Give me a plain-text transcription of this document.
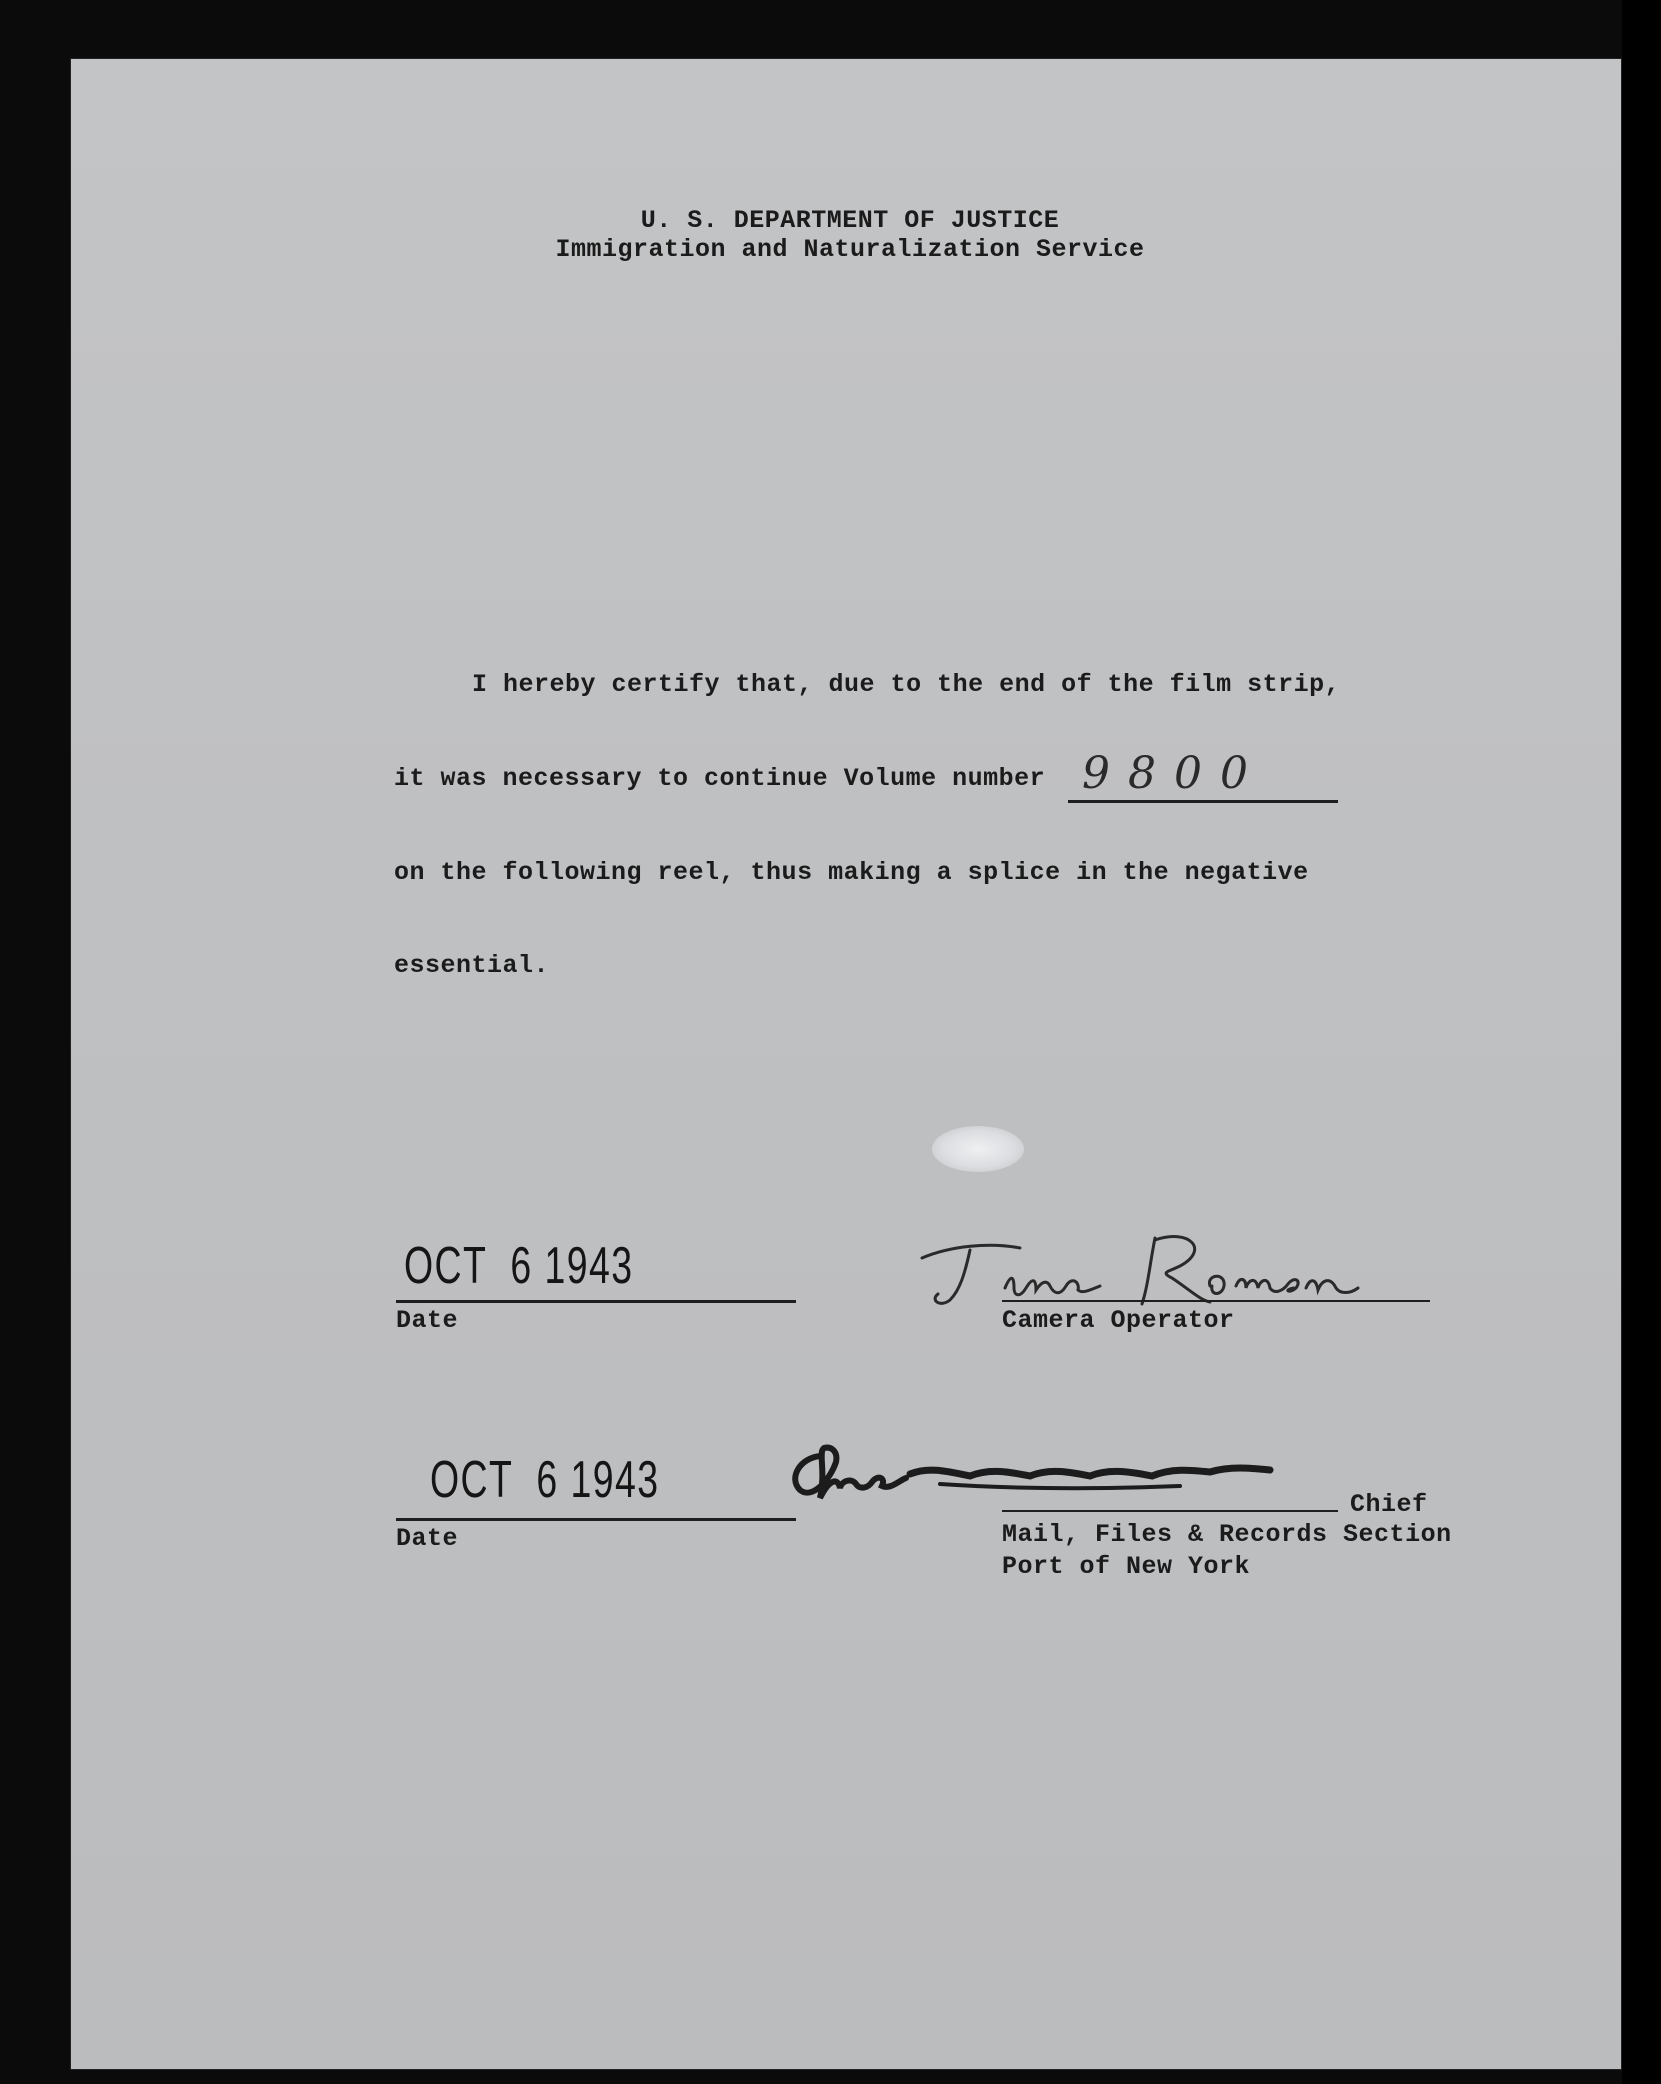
U. S. DEPARTMENT OF JUSTICE
Immigration and Naturalization Service
I hereby certify that, due to the end of the film strip,
it was necessary to continue Volume number 9800
on the following reel, thus making a splice in the negative
essential.
OCT  6 1943
Date	Camera Operator
OCT  6 1943
Date
Chief
Mail, Files & Records Section
Port of New York
